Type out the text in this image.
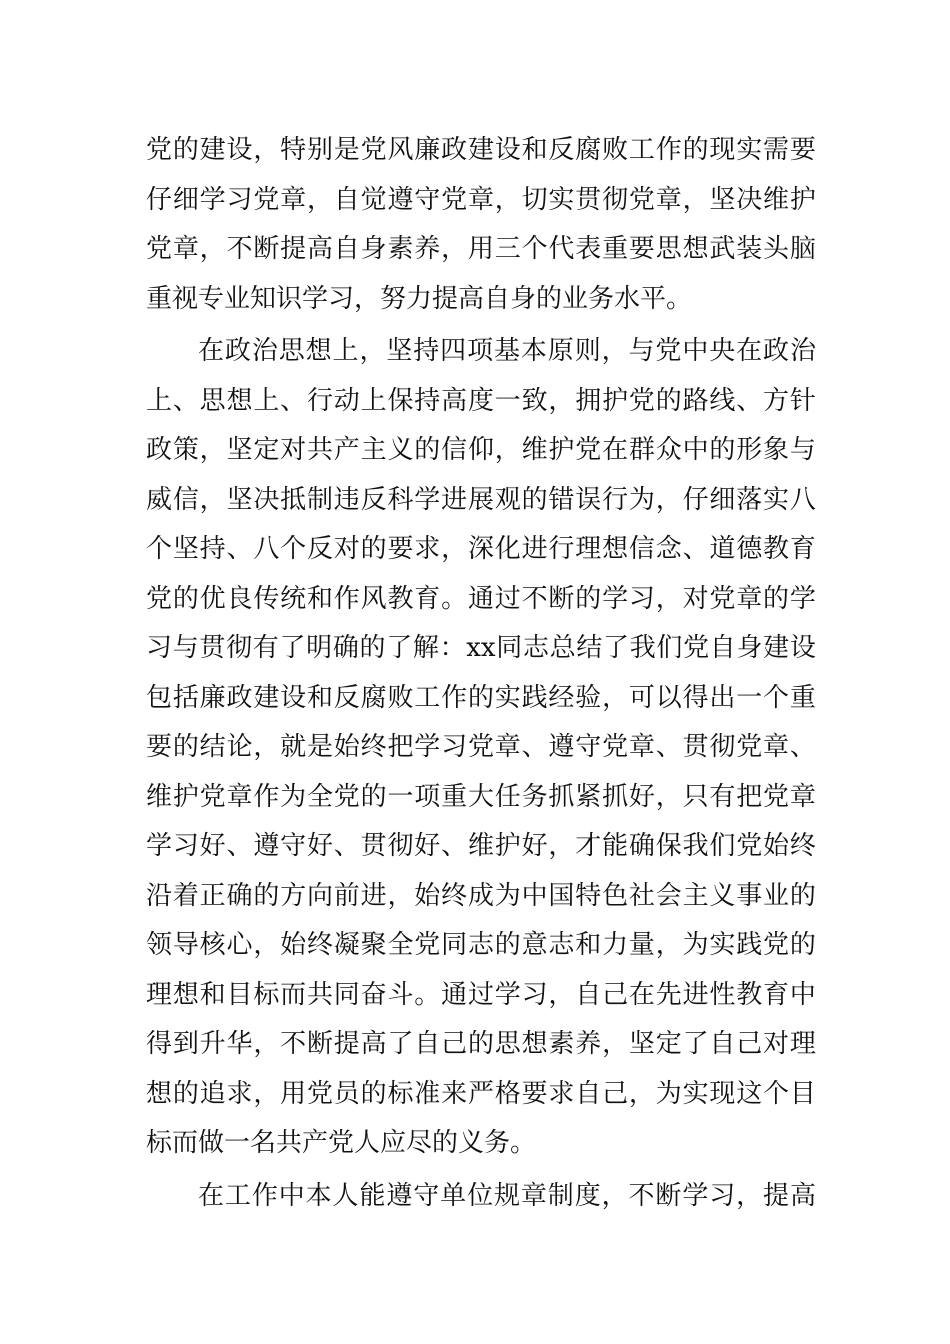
党 的 建 设 ， 特 别 是 党 风 廉 政 建 设 和 反 腐 败 工 作 的 现 实 需 要
仔 细 学 习 党 章 ， 自 觉 遵 守 党 章 ， 切 实 贯 彻 党 章 ， 坚 决 维 护
党 章 ， 不 断 提 高 自 身 素 养 ， 用 三 个 代 表 重 要 思 想 武 装 头 脑
重视专业知识学习，努力提高自身的业务水平。
在 政 治 思 想 上 ， 坚 持 四 项 基 本 原 则 ， 与 党 中 央 在 政 治
上 、 思 想 上 、 行 动 上 保 持 高 度 一 致 ， 拥 护 党 的 路 线 、 方 针
政 策 ， 坚 定 对 共 产 主 义 的 信 仰 ， 维 护 党 在 群 众 中 的 形 象 与
威 信 ， 坚 决 抵 制 违 反 科 学 进 展 观 的 错 误 行 为 ， 仔 细 落 实 八
个 坚 持 、 八 个 反 对 的 要 求 ， 深 化 进 行 理 想 信 念 、 道 德 教 育
党 的 优 良 传 统 和 作 风 教 育 。 通 过 不 断 的 学 习 ， 对 党 章 的 学
习 与 贯 彻 有 了 明 确 的 了 解 ： xx 同 志 总 结 了 我 们 党 自 身 建 设
包 括 廉 政 建 设 和 反 腐 败 工 作 的 实 践 经 验 ， 可 以 得 出 一 个 重
要 的 结 论 ， 就 是 始 终 把 学 习 党 章 、 遵 守 党 章 、 贯 彻 党 章 、
维 护 党 章 作 为 全 党 的 一 项 重 大 任 务 抓 紧 抓 好 ， 只 有 把 党 章
学 习 好 、 遵 守 好 、 贯 彻 好 、 维 护 好 ， 才 能 确 保 我 们 党 始 终
沿 着 正 确 的 方 向 前 进 ， 始 终 成 为 中 国 特 色 社 会 主 义 事 业 的
领 导 核 心 ， 始 终 凝 聚 全 党 同 志 的 意 志 和 力 量 ， 为 实 践 党 的
理 想 和 目 标 而 共 同 奋 斗 。 通 过 学 习 ， 自 己 在 先 进 性 教 育 中
得 到 升 华 ， 不 断 提 高 了 自 己 的 思 想 素 养 ， 坚 定 了 自 己 对 理
想 的 追 求 ， 用 党 员 的 标 准 来 严 格 要 求 自 己 ， 为 实 现 这 个 目
标而做一名共产党人应尽的义务。
在 工 作 中 本 人 能 遵 守 单 位 规 章 制 度 ， 不 断 学 习 ， 提 高
